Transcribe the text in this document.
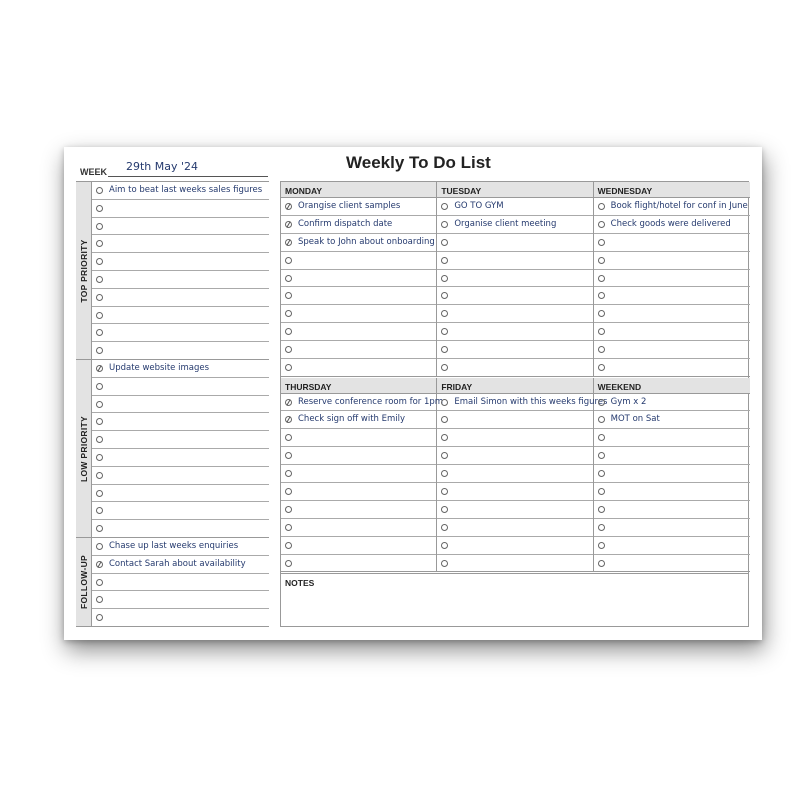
WEEK 29th May '24	Weekly To Do List
TOP PRIORITY
Aim to beat last weeks sales figures
LOW PRIORITY
Update website images
FOLLOW-UP
Chase up last weeks enquiries
Contact Sarah about availability
MONDAY
Orangise client samples
Confirm dispatch date
Speak to John about onboarding
TUESDAY
GO TO GYM
Organise client meeting
WEDNESDAY
Book flight/hotel for conf in June
Check goods were delivered
THURSDAY
Reserve conference room for 1pm
Check sign off with Emily
FRIDAY
Email Simon with this weeks figures
WEEKEND
Gym x 2
MOT on Sat
NOTES
